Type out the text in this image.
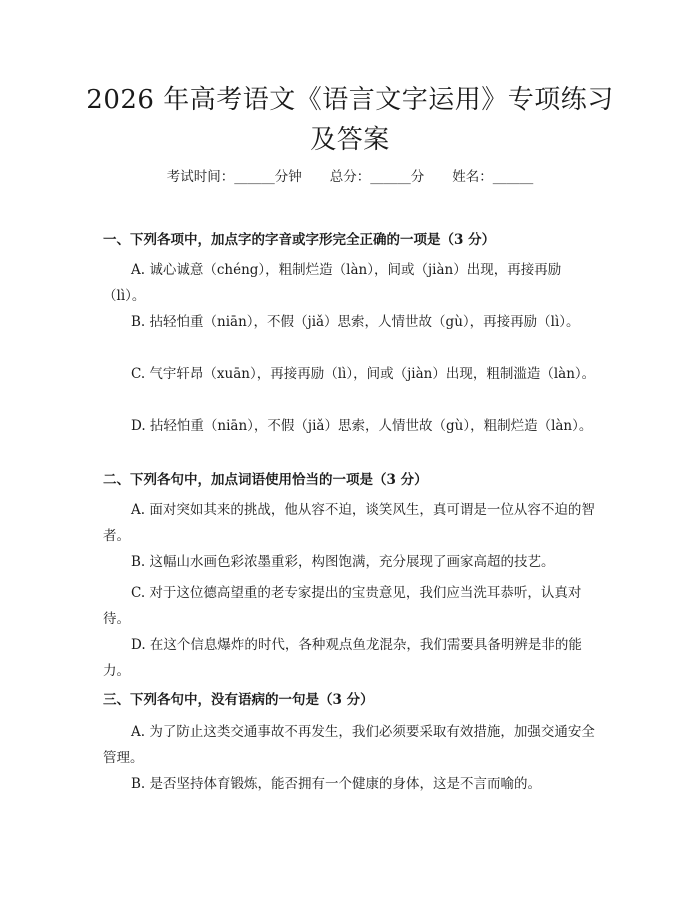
2026 年高考语文《语言文字运用》专项练习
及答案
考试时间：______分钟 总分：______分 姓名：______
一、下列各项中，加点字的字音或字形完全正确的一项是（3 分）
A. 诚心诚意（chéng），粗制烂造（làn），间或（jiàn）出现，再接再励（lì）。
B. 拈轻怕重（niān），不假（jiǎ）思索，人情世故（gù），再接再励（lì）。
C. 气宇轩昂（xuān），再接再励（lì），间或（jiàn）出现，粗制滥造（làn）。
D. 拈轻怕重（niān），不假（jiǎ）思索，人情世故（gù），粗制烂造（làn）。
二、下列各句中，加点词语使用恰当的一项是（3 分）
A. 面对突如其来的挑战，他从容不迫，谈笑风生，真可谓是一位从容不迫的智者。
B. 这幅山水画色彩浓墨重彩，构图饱满，充分展现了画家高超的技艺。
C. 对于这位德高望重的老专家提出的宝贵意见，我们应当洗耳恭听，认真对待。
D. 在这个信息爆炸的时代，各种观点鱼龙混杂，我们需要具备明辨是非的能力。
三、下列各句中，没有语病的一句是（3 分）
A. 为了防止这类交通事故不再发生，我们必须要采取有效措施，加强交通安全管理。
B. 是否坚持体育锻炼，能否拥有一个健康的身体，这是不言而喻的。
